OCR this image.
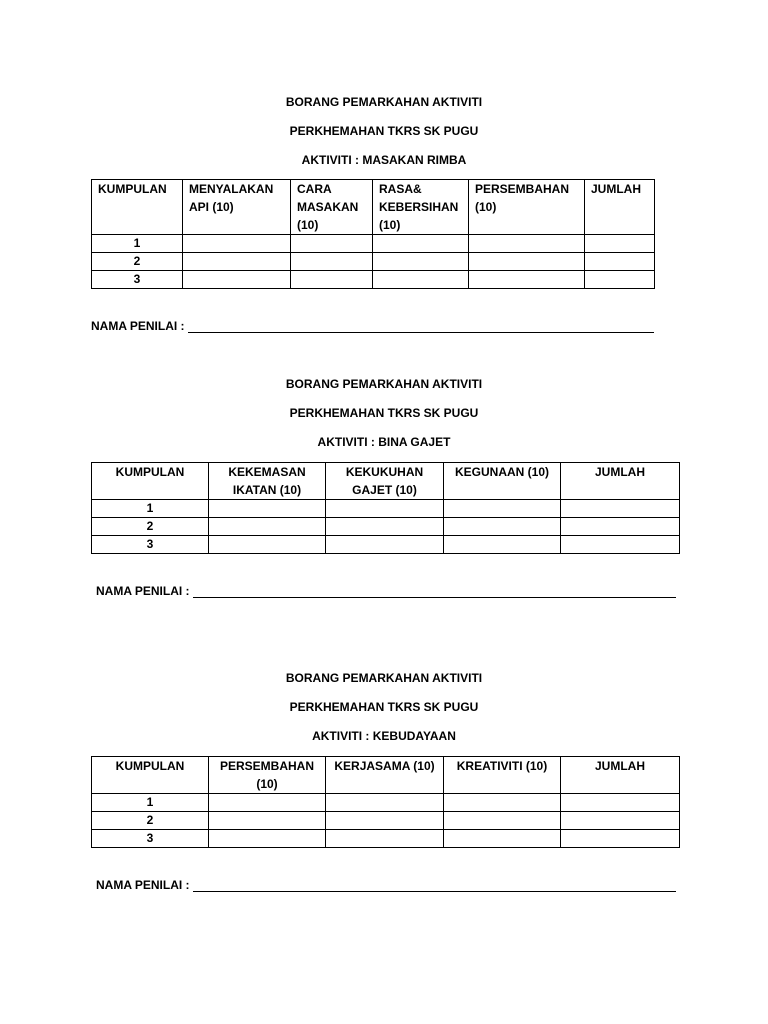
BORANG PEMARKAHAN AKTIVITI
PERKHEMAHAN TKRS SK PUGU
AKTIVITI : MASAKAN RIMBA
KUMPULAN	MENYALAKAN API (10)	CARA MASAKAN (10)	RASA& KEBERSIHAN (10)	PERSEMBAHAN (10)	JUMLAH
1					
2					
3					
NAMA PENILAI :
BORANG PEMARKAHAN AKTIVITI
PERKHEMAHAN TKRS SK PUGU
AKTIVITI : BINA GAJET
KUMPULAN	KEKEMASAN IKATAN (10)	KEKUKUHAN GAJET (10)	KEGUNAAN (10)	JUMLAH
1				
2				
3				
NAMA PENILAI :
BORANG PEMARKAHAN AKTIVITI
PERKHEMAHAN TKRS SK PUGU
AKTIVITI : KEBUDAYAAN
KUMPULAN	PERSEMBAHAN (10)	KERJASAMA (10)	KREATIVITI (10)	JUMLAH
1				
2				
3				
NAMA PENILAI :
